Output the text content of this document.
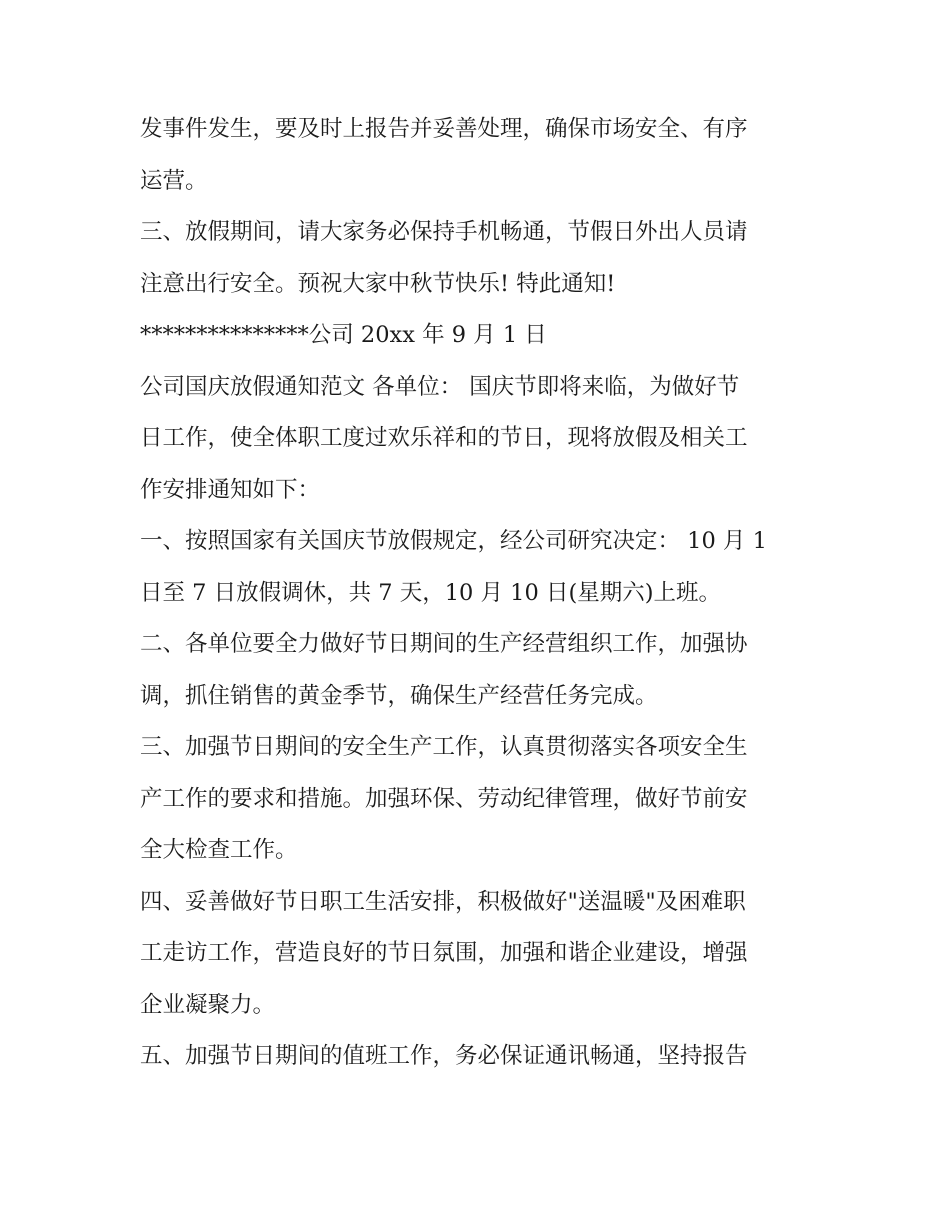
发事件发生，要及时上报告并妥善处理，确保市场安全、有序
运营。
三、放假期间，请大家务必保持手机畅通，节假日外出人员请
注意出行安全。预祝大家中秋节快乐! 特此通知!
***************公司 20xx 年 9 月 1 日
公司国庆放假通知范文 各单位： 国庆节即将来临，为做好节
日工作，使全体职工度过欢乐祥和的节日，现将放假及相关工
作安排通知如下：
一、按照国家有关国庆节放假规定，经公司研究决定： 10 月 1
日至 7 日放假调休，共 7 天，10 月 10 日(星期六)上班。
二、各单位要全力做好节日期间的生产经营组织工作，加强协
调，抓住销售的黄金季节，确保生产经营任务完成。
三、加强节日期间的安全生产工作，认真贯彻落实各项安全生
产工作的要求和措施。加强环保、劳动纪律管理，做好节前安
全大检查工作。
四、妥善做好节日职工生活安排，积极做好"送温暖"及困难职
工走访工作，营造良好的节日氛围，加强和谐企业建设，增强
企业凝聚力。
五、加强节日期间的值班工作，务必保证通讯畅通，坚持报告
